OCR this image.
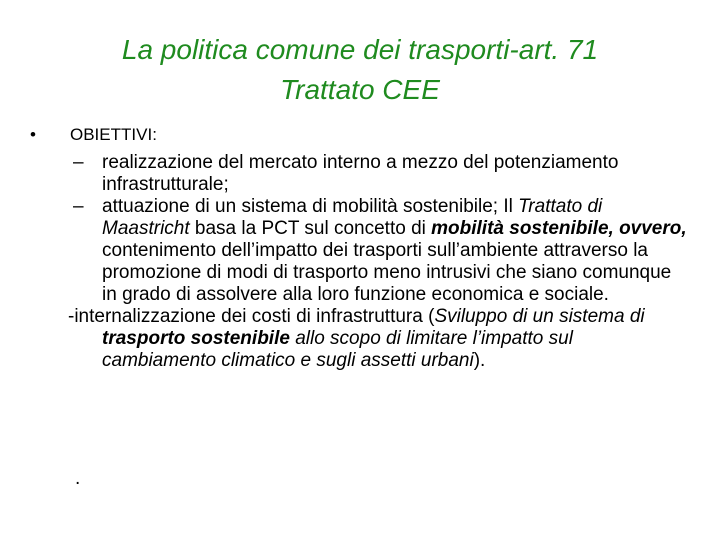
La politica comune dei trasporti-art. 71
Trattato CEE
• OBIETTIVI:

– realizzazione del mercato interno a mezzo del potenziamento infrastrutturale;

– attuazione di un sistema di mobilità sostenibile; Il Trattato di Maastricht basa la PCT sul concetto di mobilità sostenibile, ovvero, contenimento dell’impatto dei trasporti sull’ambiente attraverso la promozione di modi di trasporto meno intrusivi che siano comunque in grado di assolvere alla loro funzione economica e sociale.

-internalizzazione dei costi di infrastruttura (Sviluppo di un sistema di trasporto sostenibile allo scopo di limitare l’impatto sul cambiamento climatico e sugli assetti urbani).

.
